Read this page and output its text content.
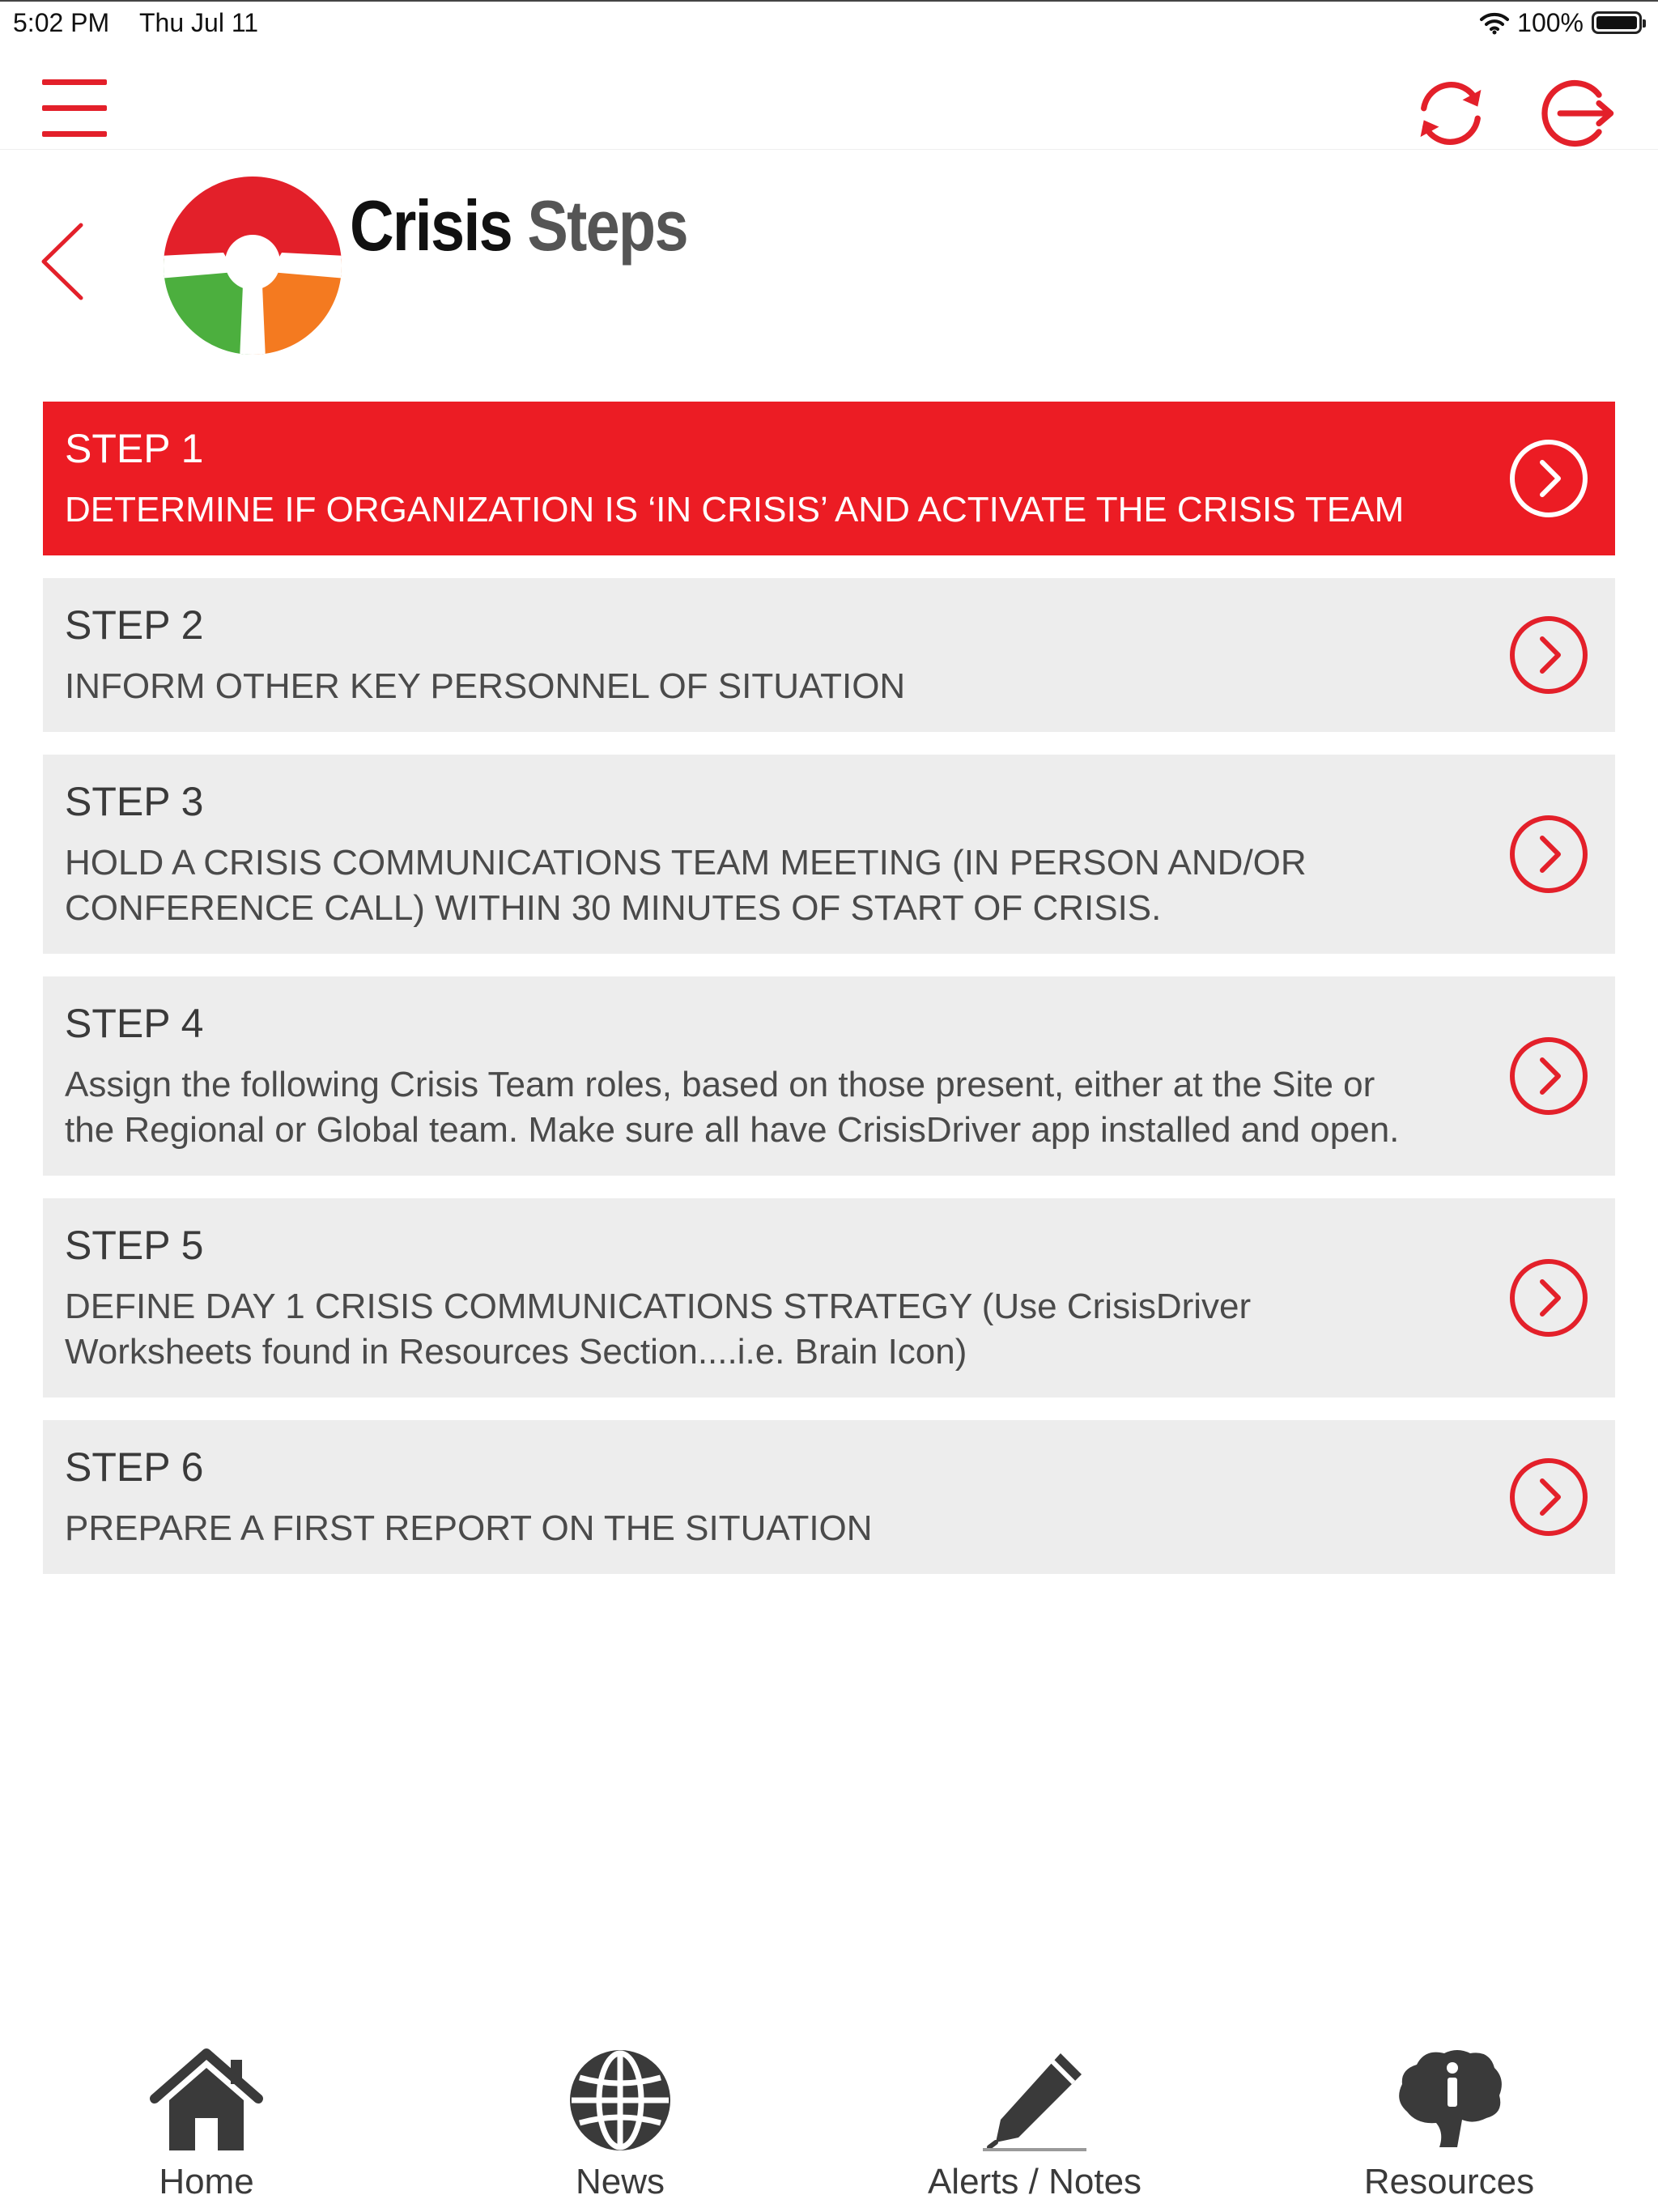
5:02 PM Thu Jul 11	100%
Crisis Steps
STEP 1
DETERMINE IF ORGANIZATION IS ‘IN CRISIS’ AND ACTIVATE THE CRISIS TEAM
STEP 2
INFORM OTHER KEY PERSONNEL OF SITUATION
STEP 3
HOLD A CRISIS COMMUNICATIONS TEAM MEETING (IN PERSON AND/OR CONFERENCE CALL) WITHIN 30 MINUTES OF START OF CRISIS.
STEP 4
Assign the following Crisis Team roles, based on those present, either at the Site or the Regional or Global team. Make sure all have CrisisDriver app installed and open.
STEP 5
DEFINE DAY 1 CRISIS COMMUNICATIONS STRATEGY (Use CrisisDriver Worksheets found in Resources Section....i.e. Brain Icon)
STEP 6
PREPARE A FIRST REPORT ON THE SITUATION
Home	News	Alerts / Notes	Resources
